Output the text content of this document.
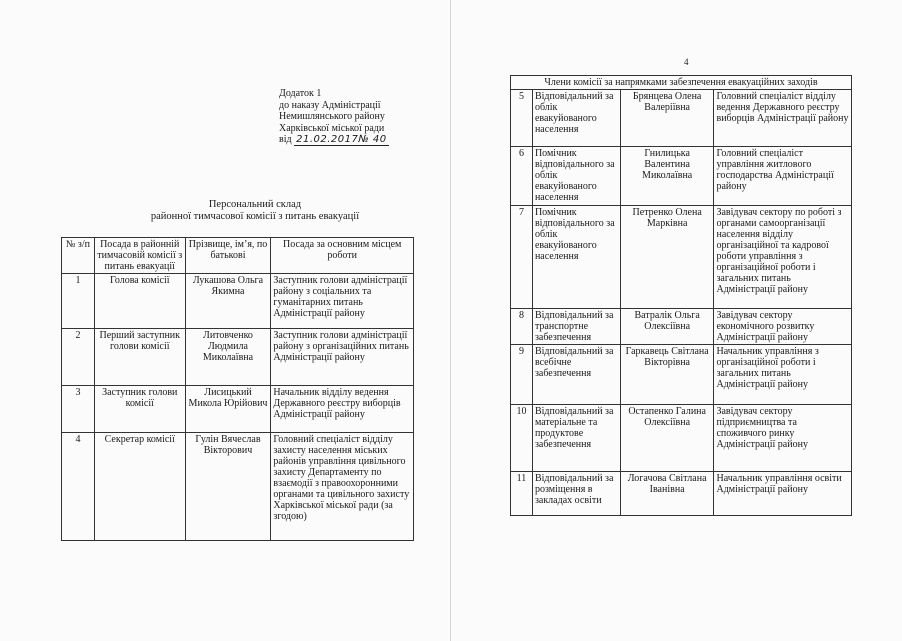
4
Додаток 1
до наказу Адміністрації
Немишлянського району
Харківської міської ради
від 21.02.2017№ 40
Персональний склад
районної тимчасової комісії з питань евакуації
№ з/п	Посада в районній тимчасовій комісії з питань евакуації	Прізвище, ім’я, по батькові	Посада за основним місцем роботи
1	Голова комісії	Лукашова Ольга Якимна	Заступник голови адміністрації району з соціальних та гуманітарних питань Адміністрації району
2	Перший заступник голови комісії	Литовченко Людмила Миколаївна	Заступник голови адміністрації району з організаційних питань Адміністрації району
3	Заступник голови комісії	Лисицький Микола Юрійович	Начальник відділу ведення Державного реєстру виборців Адміністрації району
4	Секретар комісії	Гулін Вячеслав Вікторович	Головний спеціаліст відділу захисту населення міських районів управління цивільного захисту Департаменту по взаємодії з правоохоронними органами та цивільного захисту Харківської міської ради (за згодою)
Члени комісії за напрямками забезпечення евакуаційних заходів			
5	Відповідальний за облік евакуйованого населення	Брянцева Олена Валеріївна	Головний спеціаліст відділу ведення Державного реєстру виборців Адміністрації району
6	Помічник відповідального за облік евакуйованого населення	Гнилицька Валентина Миколаївна	Головний спеціаліст управління житлового господарства Адміністрації району
7	Помічник відповідального за облік евакуйованого населення	Петренко Олена Марківна	Завідувач сектору по роботі з органами самоорганізації населення відділу організаційної та кадрової роботи управління з організаційної роботи і загальних питань Адміністрації району
8	Відповідальний за транспортне забезпечення	Ватралік Ольга Олексіївна	Завідувач сектору економічного розвитку Адміністрації району
9	Відповідальний за всебічне забезпечення	Гаркавець Світлана Вікторівна	Начальник управління з організаційної роботи і загальних питань Адміністрації району
10	Відповідальний за матеріальне та продуктове забезпечення	Остапенко Галина Олексіївна	Завідувач сектору підприємництва та споживчого ринку Адміністрації району
11	Відповідальний за розміщення в закладах освіти	Логачова Світлана Іванівна	Начальник управління освіти Адміністрації району
